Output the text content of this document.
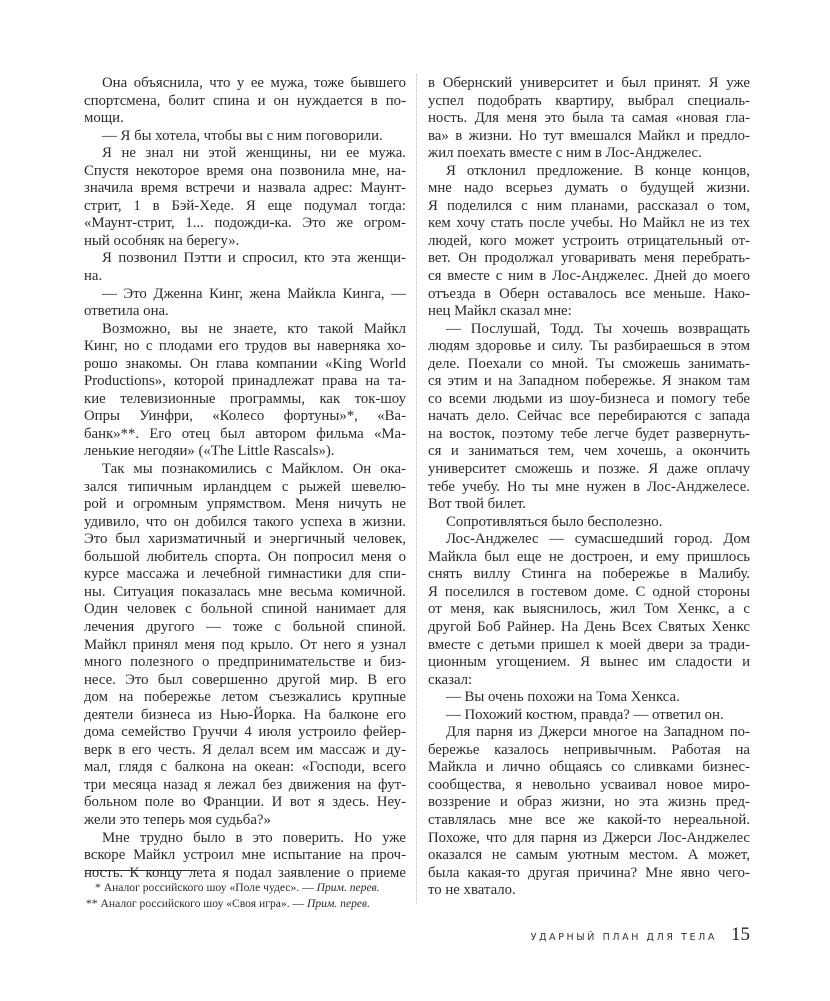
Она объяснила, что у ее мужа, тоже бывшего
спортсмена, болит спина и он нуждается в по-
мощи.
— Я бы хотела, чтобы вы с ним поговорили.
Я не знал ни этой женщины, ни ее мужа.
Спустя некоторое время она позвонила мне, на-
значила время встречи и назвала адрес: Маунт-
стрит, 1 в Бэй-Хеде. Я еще подумал тогда:
«Маунт-стрит, 1... подожди-ка. Это же огром-
ный особняк на берегу».
Я позвонил Пэтти и спросил, кто эта женщи-
на.
— Это Дженна Кинг, жена Майкла Кинга, —
ответила она.
Возможно, вы не знаете, кто такой Майкл
Кинг, но с плодами его трудов вы наверняка хо-
рошо знакомы. Он глава компании «King World
Productions», которой принадлежат права на та-
кие телевизионные программы, как ток-шоу
Опры Уинфри, «Колесо фортуны»*, «Ва-
банк»**. Его отец был автором фильма «Ма-
ленькие негодяи» («The Little Rascals»).
Так мы познакомились с Майклом. Он ока-
зался типичным ирландцем с рыжей шевелю-
рой и огромным упрямством. Меня ничуть не
удивило, что он добился такого успеха в жизни.
Это был харизматичный и энергичный человек,
большой любитель спорта. Он попросил меня о
курсе массажа и лечебной гимнастики для спи-
ны. Ситуация показалась мне весьма комичной.
Один человек с больной спиной нанимает для
лечения другого — тоже с больной спиной.
Майкл принял меня под крыло. От него я узнал
много полезного о предпринимательстве и биз-
несе. Это был совершенно другой мир. В его
дом на побережье летом съезжались крупные
деятели бизнеса из Нью-Йорка. На балконе его
дома семейство Груччи 4 июля устроило фейер-
верк в его честь. Я делал всем им массаж и ду-
мал, глядя с балкона на океан: «Господи, всего
три месяца назад я лежал без движения на фут-
больном поле во Франции. И вот я здесь. Неу-
жели это теперь моя судьба?»
Мне трудно было в это поверить. Но уже
вскоре Майкл устроил мне испытание на проч-
ность. К концу лета я подал заявление о приеме
в Обернский университет и был принят. Я уже
успел подобрать квартиру, выбрал специаль-
ность. Для меня это была та самая «новая гла-
ва» в жизни. Но тут вмешался Майкл и предло-
жил поехать вместе с ним в Лос-Анджелес.
Я отклонил предложение. В конце концов,
мне надо всерьез думать о будущей жизни.
Я поделился с ним планами, рассказал о том,
кем хочу стать после учебы. Но Майкл не из тех
людей, кого может устроить отрицательный от-
вет. Он продолжал уговаривать меня перебрать-
ся вместе с ним в Лос-Анджелес. Дней до моего
отъезда в Оберн оставалось все меньше. Нако-
нец Майкл сказал мне:
— Послушай, Тодд. Ты хочешь возвращать
людям здоровье и силу. Ты разбираешься в этом
деле. Поехали со мной. Ты сможешь занимать-
ся этим и на Западном побережье. Я знаком там
со всеми людьми из шоу-бизнеса и помогу тебе
начать дело. Сейчас все перебираются с запада
на восток, поэтому тебе легче будет развернуть-
ся и заниматься тем, чем хочешь, а окончить
университет сможешь и позже. Я даже оплачу
тебе учебу. Но ты мне нужен в Лос-Анджелесе.
Вот твой билет.
Сопротивляться было бесполезно.
Лос-Анджелес — сумасшедший город. Дом
Майкла был еще не достроен, и ему пришлось
снять виллу Стинга на побережье в Малибу.
Я поселился в гостевом доме. С одной стороны
от меня, как выяснилось, жил Том Хенкс, а с
другой Боб Райнер. На День Всех Святых Хенкс
вместе с детьми пришел к моей двери за тради-
ционным угощением. Я вынес им сладости и
сказал:
— Вы очень похожи на Тома Хенкса.
— Похожий костюм, правда? — ответил он.
Для парня из Джерси многое на Западном по-
бережье казалось непривычным. Работая на
Майкла и лично общаясь со сливками бизнес-
сообщества, я невольно усваивал новое миро-
воззрение и образ жизни, но эта жизнь пред-
ставлялась мне все же какой-то нереальной.
Похоже, что для парня из Джерси Лос-Анджелес
оказался не самым уютным местом. А может,
была какая-то другая причина? Мне явно чего-
то не хватало.
* Аналог российского шоу «Поле чудес». — Прим. перев.
** Аналог российского шоу «Своя игра». — Прим. перев.
УДАРНЫЙ ПЛАН ДЛЯ ТЕЛА 15
